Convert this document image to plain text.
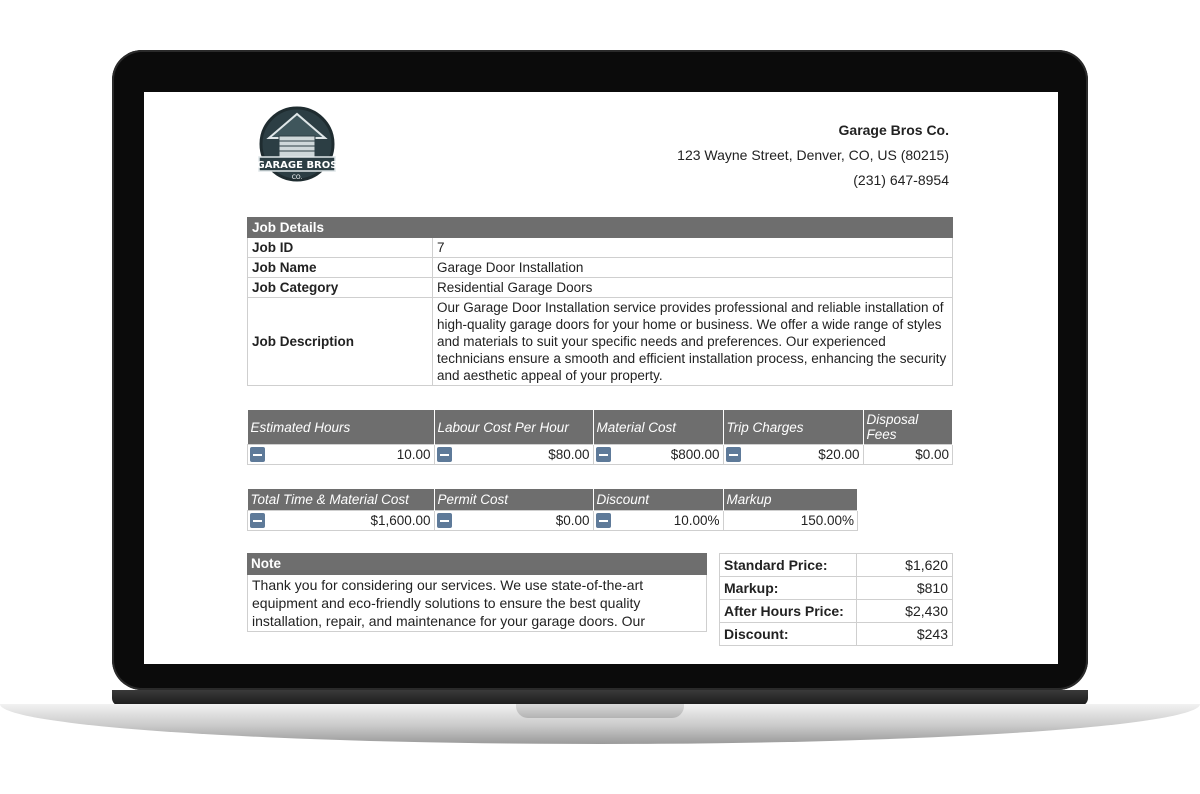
GARAGE BROS
CO.
Garage Bros Co.
123 Wayne Street, Denver, CO, US (80215)
(231) 647-8954
Job Details	
Job ID	7
Job Name	Garage Door Installation
Job Category	Residential Garage Doors
Job Description	Our Garage Door Installation service provides professional and reliable installation of high-quality garage doors for your home or business. We offer a wide range of styles and materials to suit your specific needs and preferences. Our experienced technicians ensure a smooth and efficient installation process, enhancing the security and aesthetic appeal of your property.
Estimated Hours	Labour Cost Per Hour	Material Cost	Trip Charges	Disposal Fees

10.00	$80.00	$800.00	$20.00	$0.00
Total Time & Material Cost	Permit Cost	Discount	Markup

$1,600.00	$0.00	10.00%	150.00%
Note
Thank you for considering our services. We use state-of-the-art equipment and eco-friendly solutions to ensure the best quality installation, repair, and maintenance for your garage doors. Our
Standard Price:	$1,620
Markup:	$810
After Hours Price:	$2,430
Discount:	$243
